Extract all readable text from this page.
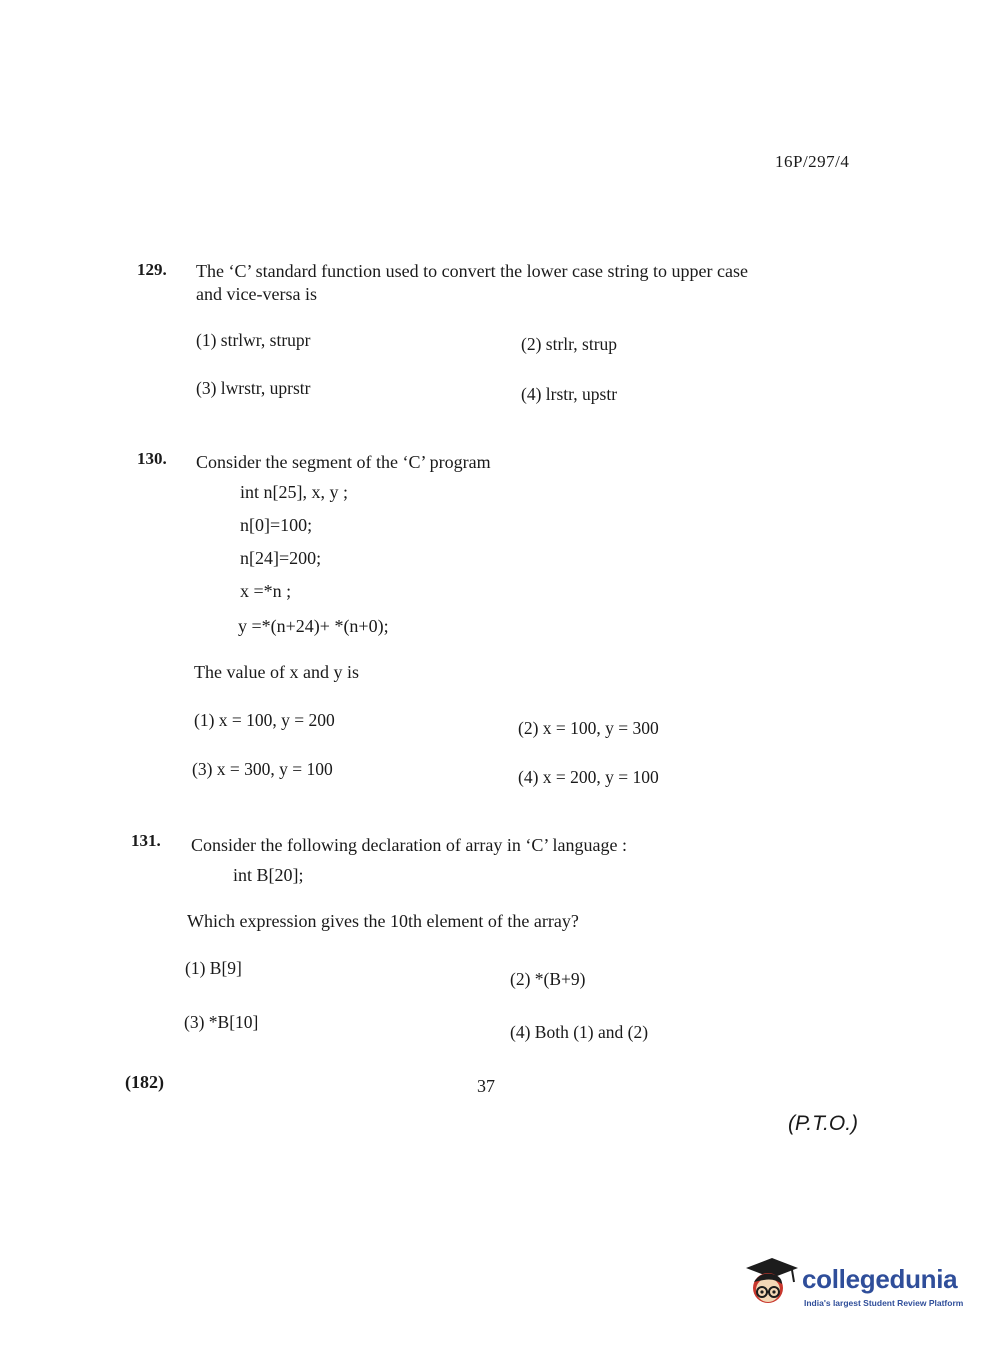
16P/297/4
129. The ‘C’ standard function used to convert the lower case string to upper case
and vice-versa is
(1) strlwr, strupr	(2) strlr, strup
(3) lwrstr, uprstr	(4) lrstr, upstr
130. Consider the segment of the ‘C’ program
int n[25], x, y ;
n[0]=100;
n[24]=200;
x =*n ;
y =*(n+24)+ *(n+0);
The value of x and y is
(1) x = 100, y = 200	(2) x = 100, y = 300
(3) x = 300, y = 100	(4) x = 200, y = 100
131. Consider the following declaration of array in ‘C’ language :
int B[20];
Which expression gives the 10th element of the array?
(1) B[9]
(2) *(B+9)
(3) *B[10]	(4) Both (1) and (2)
(182)	37
(P.T.O.)
collegedunia
India's largest Student Review Platform
